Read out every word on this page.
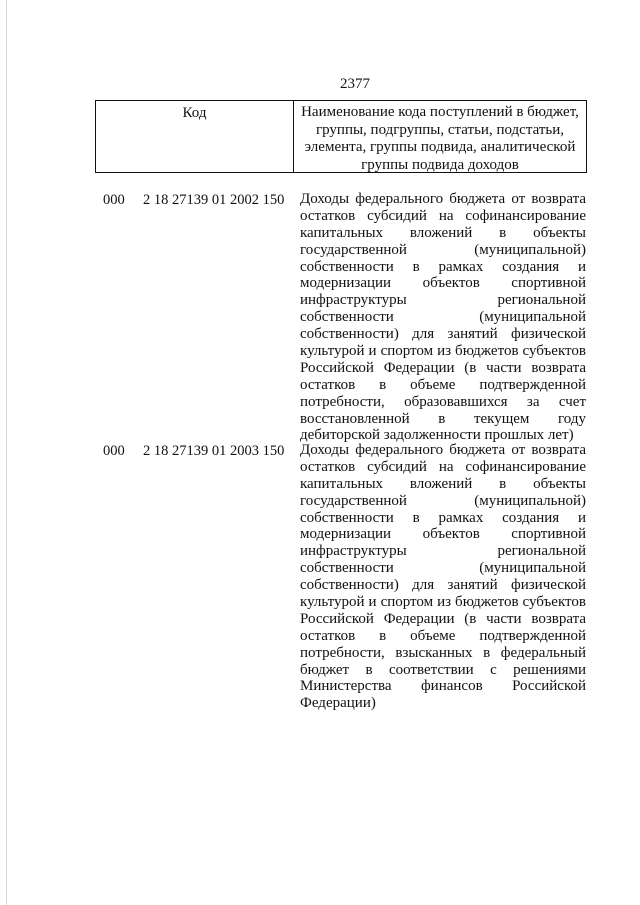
2377
Код	Наименование кода поступлений в бюджет, группы, подгруппы, статьи, подстатьи, элемента, группы подвида, аналитической группы подвида доходов
000 2 18 27139 01 2002 150 Доходы федерального бюджета от возврата
остатков субсидий на софинансирование
капитальных вложений в объекты
государственной (муниципальной)
собственности в рамках создания и
модернизации объектов спортивной
инфраструктуры региональной
собственности (муниципальной
собственности) для занятий физической
культурой и спортом из бюджетов субъектов
Российской Федерации (в части возврата
остатков в объеме подтвержденной
потребности, образовавшихся за счет
восстановленной в текущем году
дебиторской задолженности прошлых лет)
000 2 18 27139 01 2003 150 Доходы федерального бюджета от возврата
остатков субсидий на софинансирование
капитальных вложений в объекты
государственной (муниципальной)
собственности в рамках создания и
модернизации объектов спортивной
инфраструктуры региональной
собственности (муниципальной
собственности) для занятий физической
культурой и спортом из бюджетов субъектов
Российской Федерации (в части возврата
остатков в объеме подтвержденной
потребности, взысканных в федеральный
бюджет в соответствии с решениями
Министерства финансов Российской
Федерации)
